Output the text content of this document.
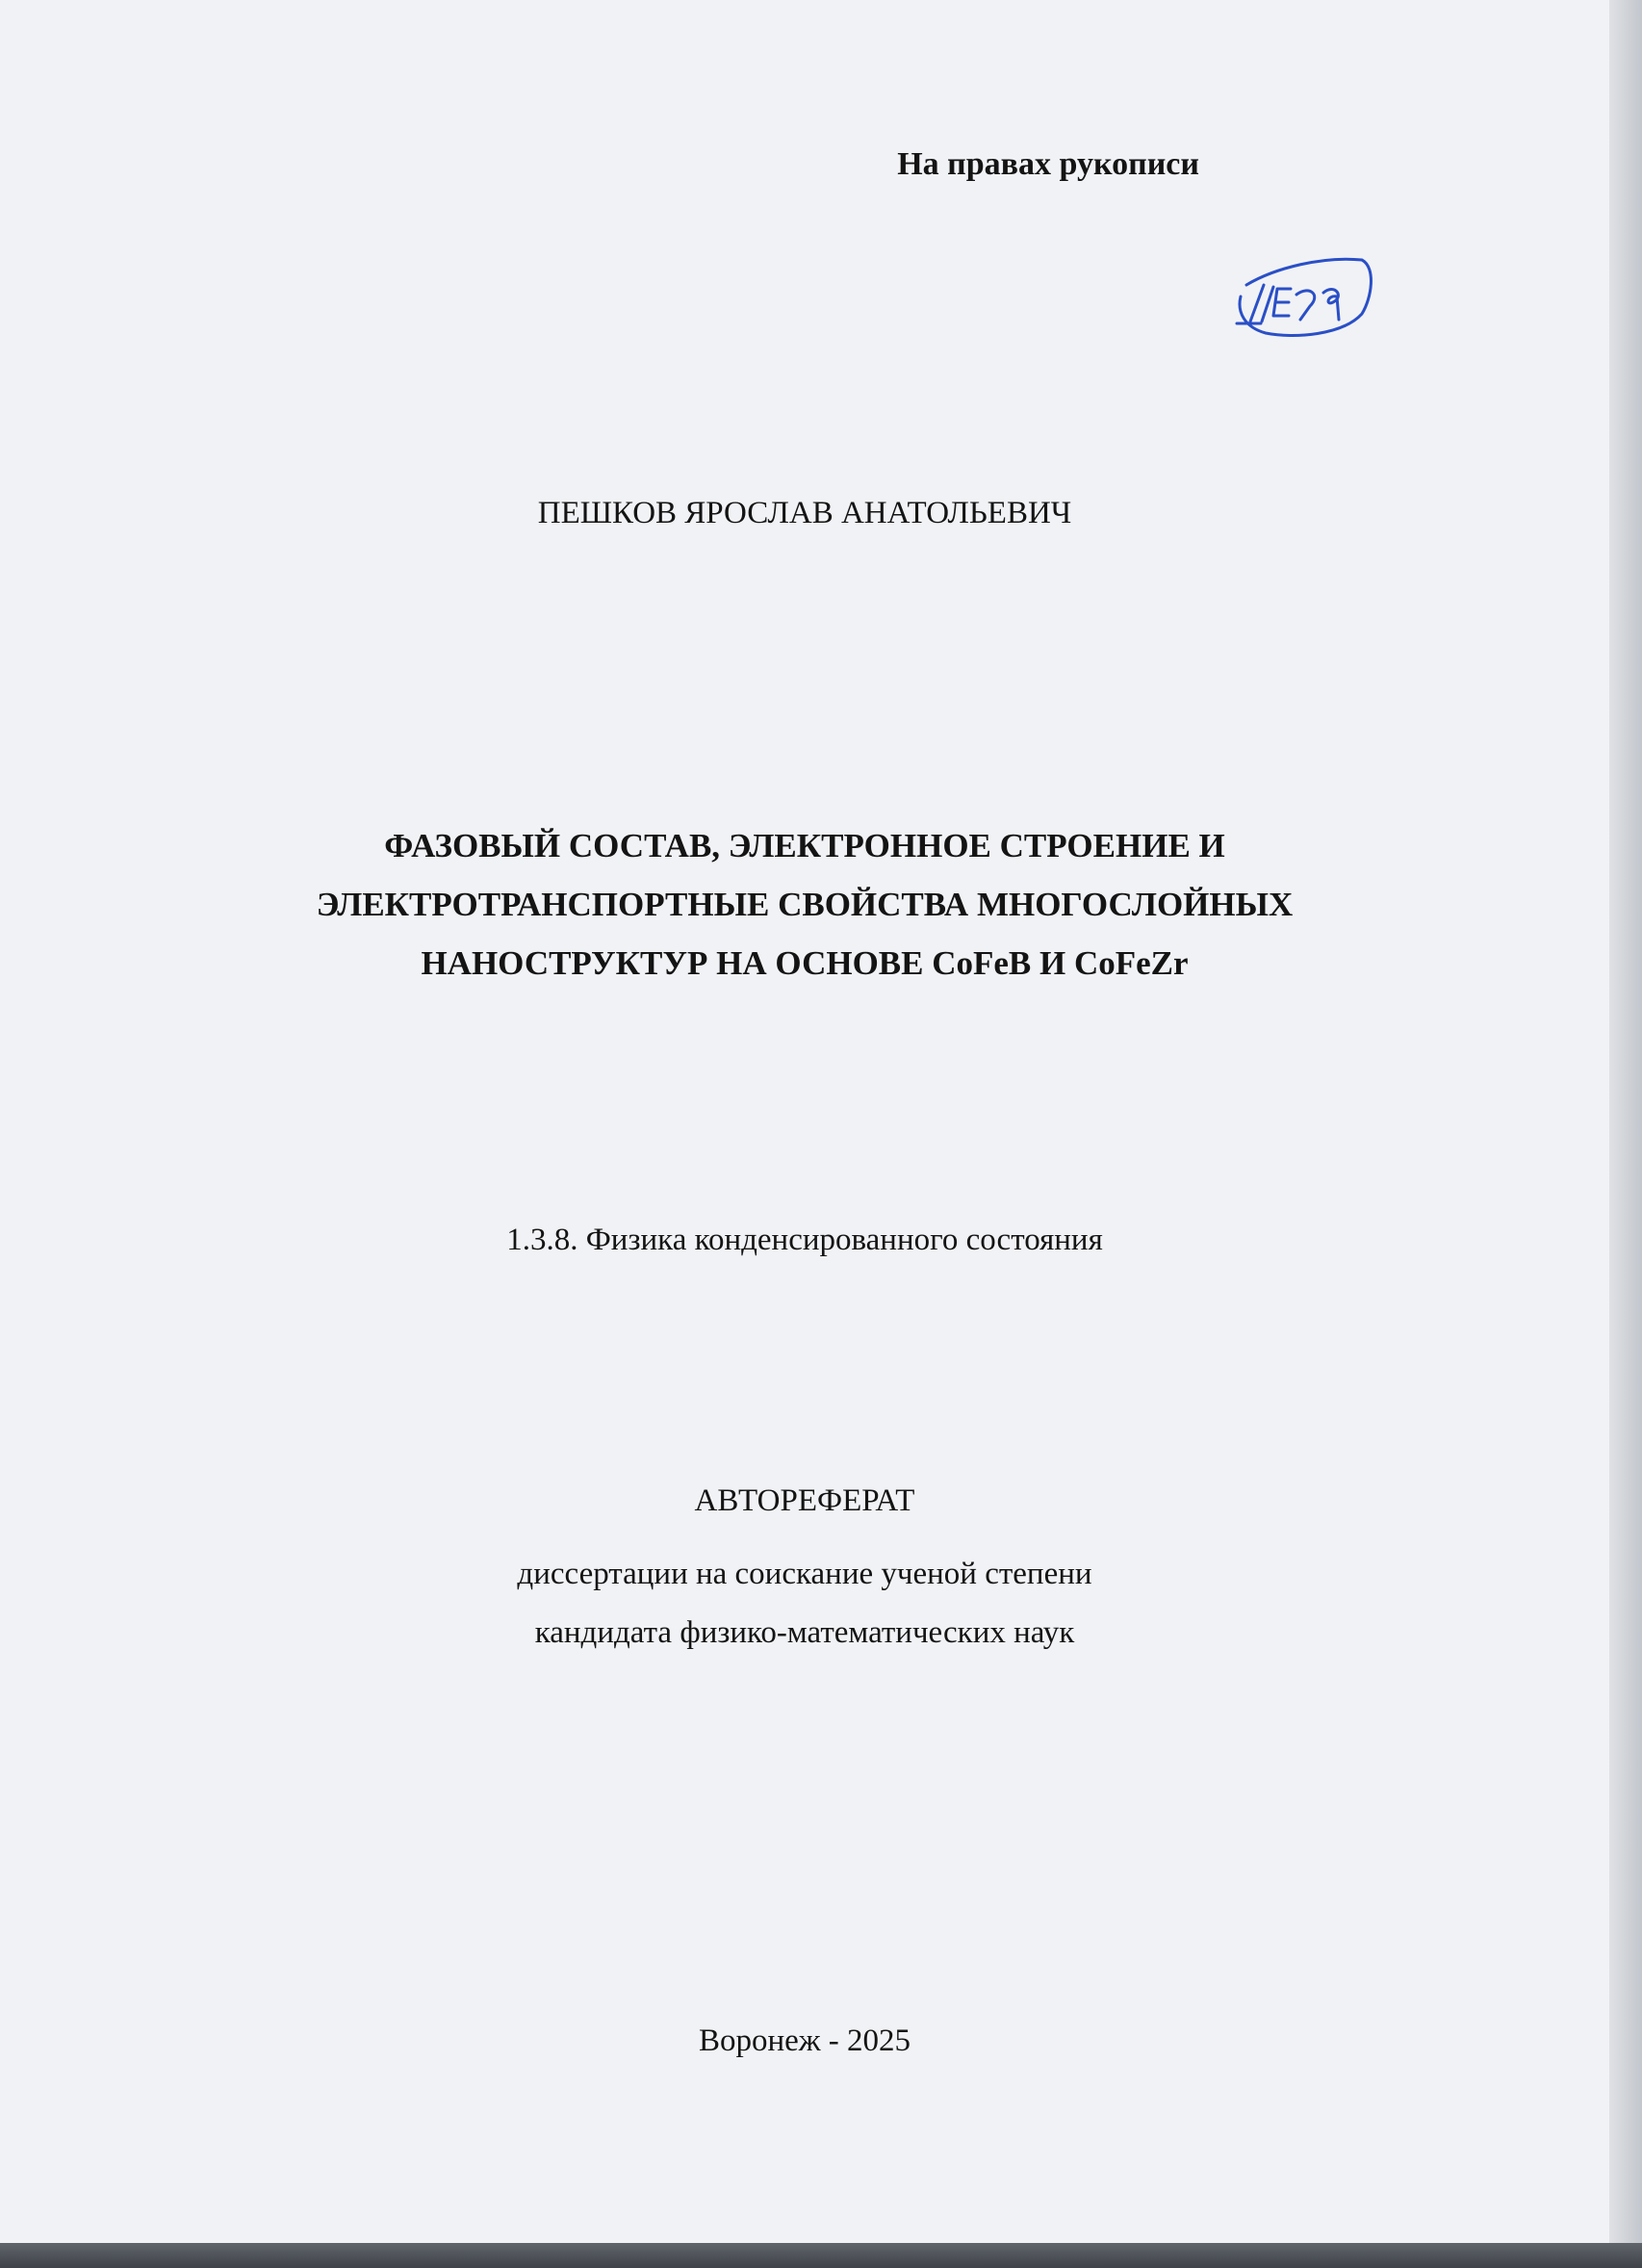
На правах рукописи
ПЕШКОВ ЯРОСЛАВ АНАТОЛЬЕВИЧ
ФАЗОВЫЙ СОСТАВ, ЭЛЕКТРОННОЕ СТРОЕНИЕ И
ЭЛЕКТРОТРАНСПОРТНЫЕ СВОЙСТВА МНОГОСЛОЙНЫХ
НАНОСТРУКТУР НА ОСНОВЕ CoFeB И CoFeZr
1.3.8. Физика конденсированного состояния
АВТОРЕФЕРАТ
диссертации на соискание ученой степени
кандидата физико-математических наук
Воронеж - 2025
